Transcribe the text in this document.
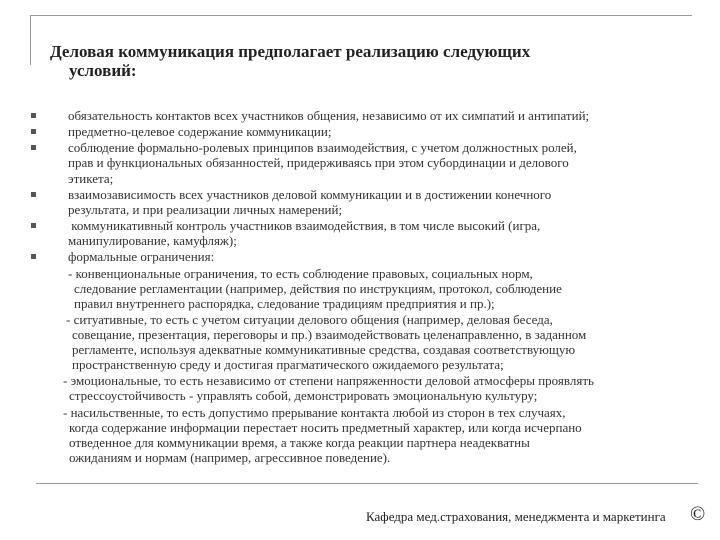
Деловая коммуникация предполагает реализацию следующих
условий:
обязательность контактов всех участников общения, независимо от их симпатий и антипатий;
предметно-целевое содержание коммуникации;
соблюдение формально-ролевых принципов взаимодействия, с учетом должностных ролей,
прав и функциональных обязанностей, придерживаясь при этом субординации и делового
этикета;
взаимозависимость всех участников деловой коммуникации и в достижении конечного
результата, и при реализации личных намерений;
коммуникативный контроль участников взаимодействия, в том числе высокий (игра,
манипулирование, камуфляж);
формальные ограничения:
- конвенциональные ограничения, то есть соблюдение правовых, социальных норм,
следование регламентации (например, действия по инструкциям, протокол, соблюдение
правил внутреннего распорядка, следование традициям предприятия и пр.);
- ситуативные, то есть с учетом ситуации делового общения (например, деловая беседа,
совещание, презентация, переговоры и пр.) взаимодействовать целенаправленно, в заданном
регламенте, используя адекватные коммуникативные средства, создавая соответствующую
пространственную среду и достигая прагматического ожидаемого результата;
- эмоциональные, то есть независимо от степени напряженности деловой атмосферы проявлять
стрессоустойчивость - управлять собой, демонстрировать эмоциональную культуру;
- насильственные, то есть допустимо прерывание контакта любой из сторон в тех случаях,
когда содержание информации перестает носить предметный характер, или когда исчерпано
отведенное для коммуникации время, а также когда реакции партнера неадекватны
ожиданиям и нормам (например, агрессивное поведение).
Кафедра мед.страхования, менеджмента и маркетинга ©
